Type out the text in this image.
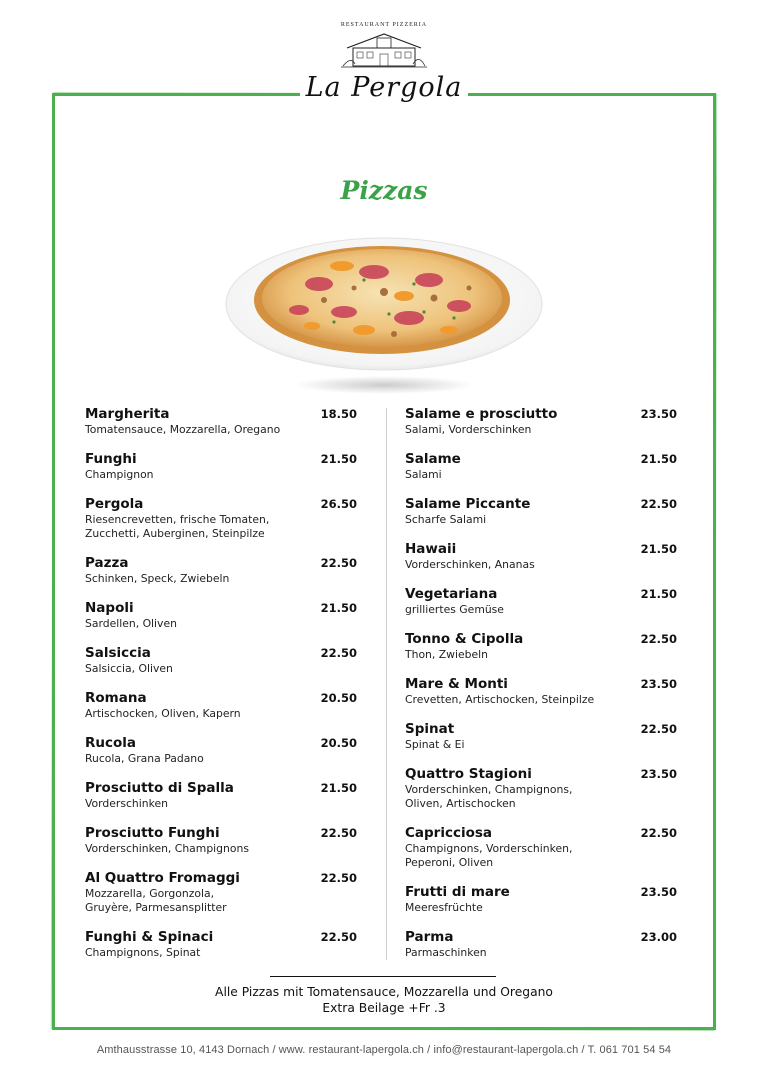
RESTAURANT PIZZERIA
La Pergola
Pizzas
Margherita
Tomatensauce, Mozzarella, Oregano
18.50
Funghi
Champignon
21.50
Pergola
Riesencrevetten, frische Tomaten,
Zucchetti, Auberginen, Steinpilze
26.50
Pazza
Schinken, Speck, Zwiebeln
22.50
Napoli
Sardellen, Oliven
21.50
Salsiccia
Salsiccia, Oliven
22.50
Romana
Artischocken, Oliven, Kapern
20.50
Rucola
Rucola, Grana Padano
20.50
Prosciutto di Spalla
Vorderschinken
21.50
Prosciutto Funghi
Vorderschinken, Champignons
22.50
Al Quattro Fromaggi
Mozzarella, Gorgonzola,
Gruyère, Parmesansplitter
22.50
Funghi & Spinaci
Champignons, Spinat
22.50
Salame e prosciutto
Salami, Vorderschinken
23.50
Salame
Salami
21.50
Salame Piccante
Scharfe Salami
22.50
Hawaii
Vorderschinken, Ananas
21.50
Vegetariana
grilliertes Gemüse
21.50
Tonno & Cipolla
Thon, Zwiebeln
22.50
Mare & Monti
Crevetten, Artischocken, Steinpilze
23.50
Spinat
Spinat & Ei
22.50
Quattro Stagioni
Vorderschinken, Champignons,
Oliven, Artischocken
23.50
Capricciosa
Champignons, Vorderschinken,
Peperoni, Oliven
22.50
Frutti di mare
Meeresfrüchte
23.50
Parma
Parmaschinken
23.00
Alle Pizzas mit Tomatensauce, Mozzarella und Oregano
Extra Beilage +Fr .3
Amthausstrasse 10, 4143 Dornach / www. restaurant-lapergola.ch / info@restaurant-lapergola.ch / T. 061 701 54 54
